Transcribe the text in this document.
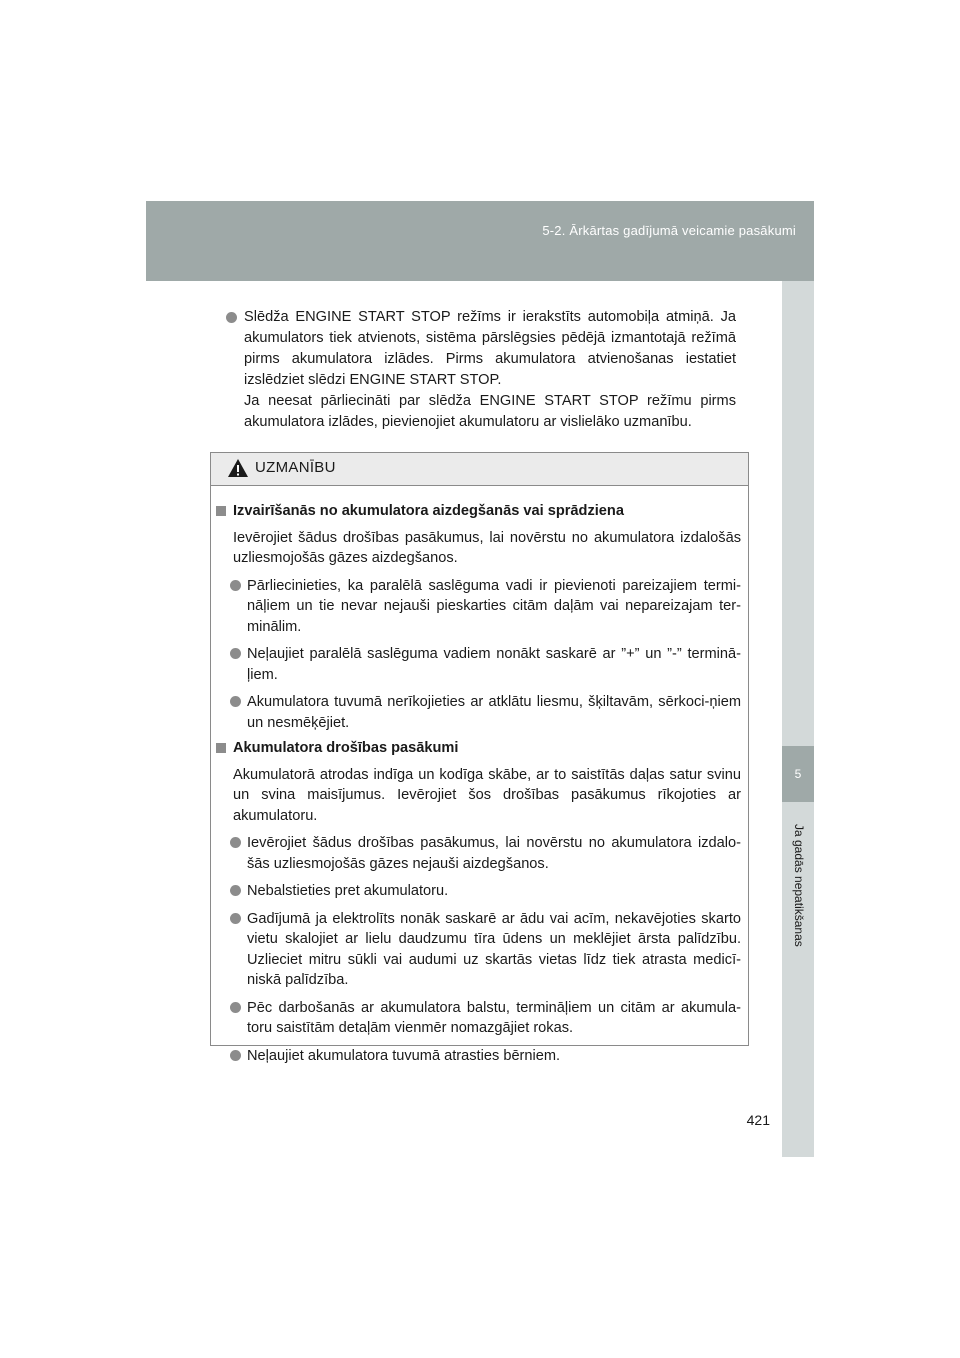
5-2. Ārkārtas gadījumā veicamie pasākumi
5
Ja gadās nepatikšanas
Slēdža ENGINE START STOP režīms ir ierakstīts automobiļa atmiņā. Ja akumulators tiek atvienots, sistēma pārslēgsies pēdējā izmantotajā režīmā pirms akumulatora izlādes. Pirms akumulatora atvienošanas iestatiet izslēdziet slēdzi ENGINE START STOP.
Ja neesat pārliecināti par slēdža ENGINE START STOP režīmu pirms akumulatora izlādes, pievienojiet akumulatoru ar vislielāko uzmanību.
UZMANĪBU
Izvairīšanās no akumulatora aizdegšanās vai sprādziena
Ievērojiet šādus drošības pasākumus, lai novērstu no akumulatora izdalošās uzliesmojošās gāzes aizdegšanos.
Pārliecinieties, ka paralēlā saslēguma vadi ir pievienoti pareizajiem termi-nāļiem un tie nevar nejauši pieskarties citām daļām vai nepareizajam ter-minālim.
Neļaujiet paralēlā saslēguma vadiem nonākt saskarē ar ”+” un ”-” terminā-ļiem.
Akumulatora tuvumā nerīkojieties ar atklātu liesmu, šķiltavām, sērkoci-ņiem un nesmēķējiet.
Akumulatora drošības pasākumi
Akumulatorā atrodas indīga un kodīga skābe, ar to saistītās daļas satur svinu un svina maisījumus. Ievērojiet šos drošības pasākumus rīkojoties ar akumulatoru.
Ievērojiet šādus drošības pasākumus, lai novērstu no akumulatora izdalo-šās uzliesmojošās gāzes nejauši aizdegšanos.
Nebalstieties pret akumulatoru.
Gadījumā ja elektrolīts nonāk saskarē ar ādu vai acīm, nekavējoties skarto vietu skalojiet ar lielu daudzumu tīra ūdens un meklējiet ārsta palīdzību. Uzlieciet mitru sūkli vai audumi uz skartās vietas līdz tiek atrasta medicī-niskā palīdzība.
Pēc darbošanās ar akumulatora balstu, termināļiem un citām ar akumula-toru saistītām detaļām vienmēr nomazgājiet rokas.
Neļaujiet akumulatora tuvumā atrasties bērniem.
421
